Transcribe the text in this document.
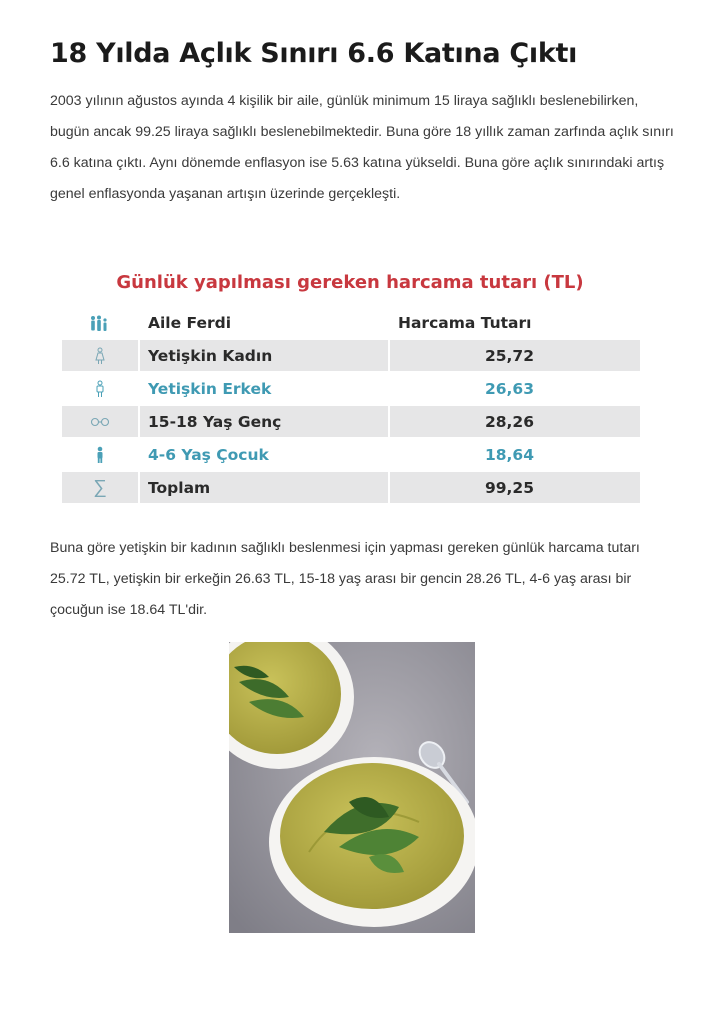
18 Yılda Açlık Sınırı 6.6 Katına Çıktı

2003 yılının ağustos ayında 4 kişilik bir aile, günlük minimum 15 liraya sağlıklı beslenebilirken, bugün ancak 99.25 liraya sağlıklı beslenebilmektedir. Buna göre 18 yıllık zaman zarfında açlık sınırı 6.6 katına çıktı. Aynı dönemde enflasyon ise 5.63 katına yükseldi. Buna göre açlık sınırındaki artış genel enflasyonda yaşanan artışın üzerinde gerçekleşti.

Günlük yapılması gereken harcama tutarı (TL)
Aile Ferdi	Harcama Tutarı
Yetişkin Kadın	25,72
Yetişkin Erkek	26,63
15-18 Yaş Genç	28,26
4-6 Yaş Çocuk	18,64
∑	Toplam	99,25

Buna göre yetişkin bir kadının sağlıklı beslenmesi için yapması gereken günlük harcama tutarı 25.72 TL, yetişkin bir erkeğin 26.63 TL, 15-18 yaş arası bir gencin 28.26 TL, 4-6 yaş arası bir çocuğun ise 18.64 TL'dir.
